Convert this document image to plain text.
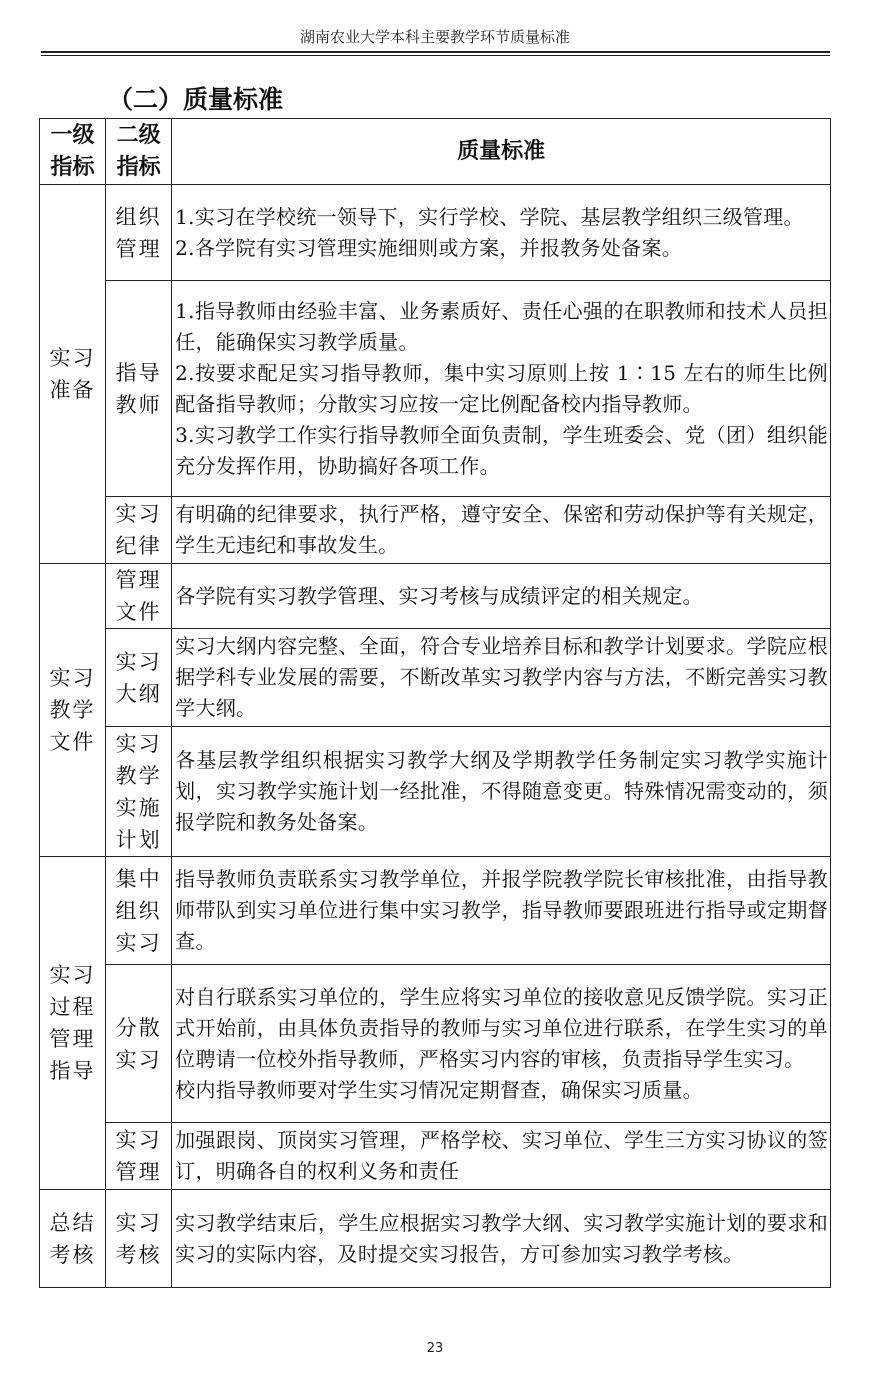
湖南农业大学本科主要教学环节质量标准
（二）质量标准
一级指标	二级指标	质量标准
实习准备	组织管理	1.实习在学校统一领导下，实行学校、学院、基层教学组织三级管理。

2.各学院有实习管理实施细则或方案，并报教务处备案。

	指导教师	1.指导教师由经验丰富、业务素质好、责任心强的在职教师和技术人员担任，能确保实习教学质量。

2.按要求配足实习指导教师，集中实习原则上按 1∶15 左右的师生比例配备指导教师；分散实习应按一定比例配备校内指导教师。

3.实习教学工作实行指导教师全面负责制，学生班委会、党（团）组织能充分发挥作用，协助搞好各项工作。

	实习纪律	有明确的纪律要求，执行严格，遵守安全、保密和劳动保护等有关规定，学生无违纪和事故发生。

实习教学文件	管理文件	各学院有实习教学管理、实习考核与成绩评定的相关规定。

	实习大纲	实习大纲内容完整、全面，符合专业培养目标和教学计划要求。学院应根据学科专业发展的需要，不断改革实习教学内容与方法，不断完善实习教学大纲。

	实习教学实施计划	各基层教学组织根据实习教学大纲及学期教学任务制定实习教学实施计划，实习教学实施计划一经批准，不得随意变更。特殊情况需变动的，须报学院和教务处备案。

实习过程管理指导	集中组织实习	指导教师负责联系实习教学单位，并报学院教学院长审核批准，由指导教师带队到实习单位进行集中实习教学，指导教师要跟班进行指导或定期督查。

	分散实习	对自行联系实习单位的，学生应将实习单位的接收意见反馈学院。实习正式开始前，由具体负责指导的教师与实习单位进行联系，在学生实习的单位聘请一位校外指导教师，严格实习内容的审核，负责指导学生实习。

校内指导教师要对学生实习情况定期督查，确保实习质量。

	实习管理	加强跟岗、顶岗实习管理，严格学校、实习单位、学生三方实习协议的签订，明确各自的权利义务和责任

总结考核	实习考核	实习教学结束后，学生应根据实习教学大纲、实习教学实施计划的要求和实习的实际内容，及时提交实习报告，方可参加实习教学考核。

23
